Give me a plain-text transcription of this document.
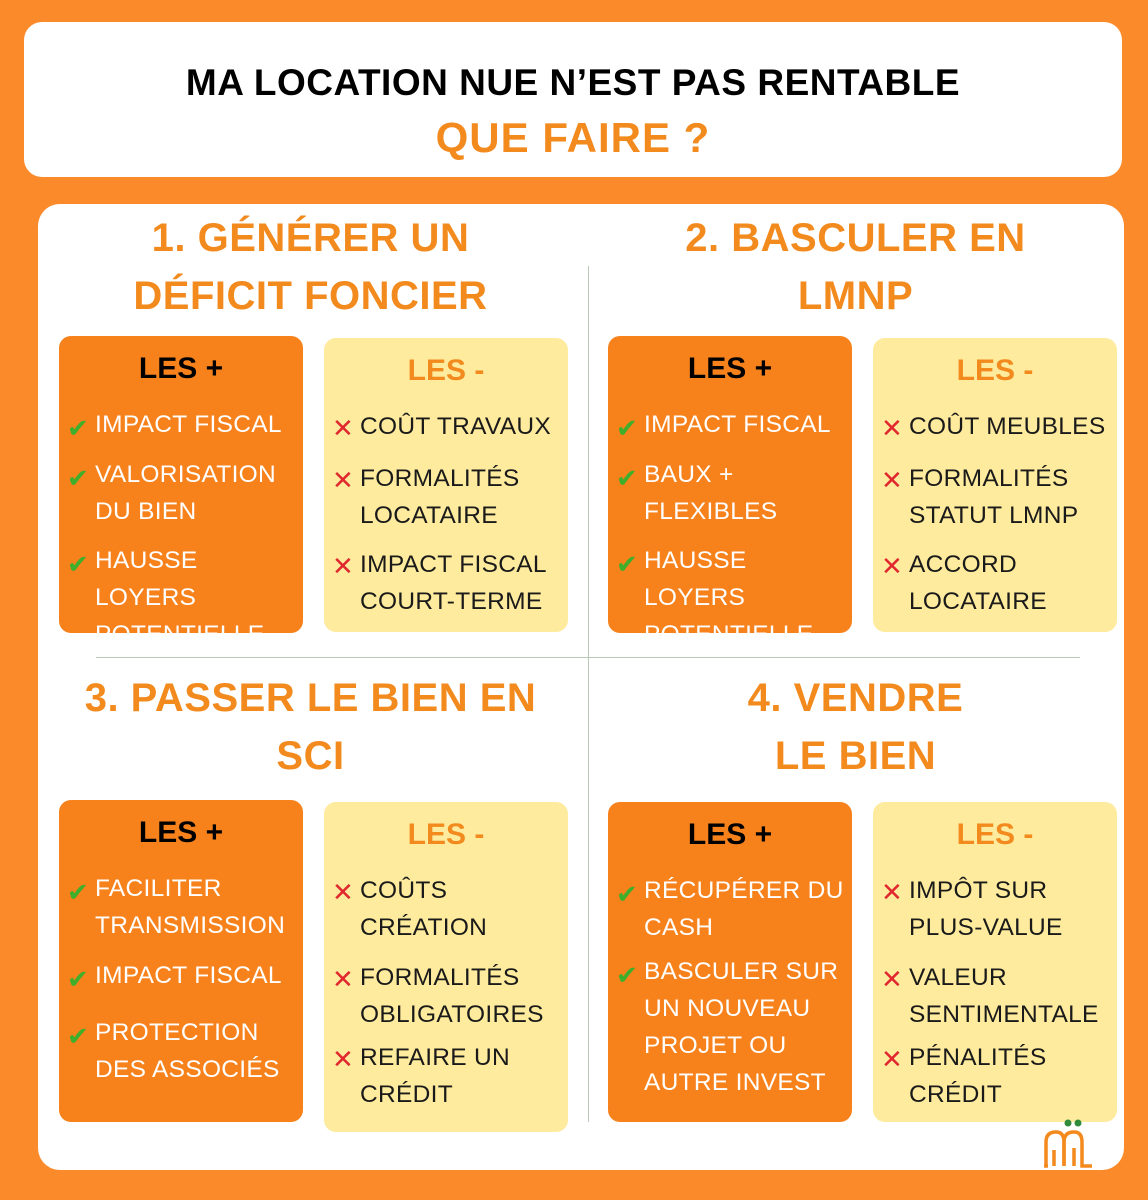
MA LOCATION NUE N’EST PAS RENTABLE
QUE FAIRE ?
1. GÉNÉRER UN
DÉFICIT FONCIER
LES +
✔ IMPACT FISCAL
✔ VALORISATION
DU BIEN
✔ HAUSSE LOYERS
POTENTIELLE
LES -
✕ COÛT TRAVAUX
✕ FORMALITÉS
LOCATAIRE
✕ IMPACT FISCAL
COURT-TERME
2. BASCULER EN
LMNP
LES +
✔ IMPACT FISCAL
✔ BAUX +
FLEXIBLES
✔ HAUSSE LOYERS
POTENTIELLE
LES -
✕ COÛT MEUBLES
✕ FORMALITÉS
STATUT LMNP
✕ ACCORD
LOCATAIRE
3. PASSER LE BIEN EN
SCI
LES +
✔ FACILITER
TRANSMISSION
✔ IMPACT FISCAL
✔ PROTECTION
DES ASSOCIÉS
LES -
✕ COÛTS
CRÉATION
✕ FORMALITÉS
OBLIGATOIRES
✕ REFAIRE UN
CRÉDIT
4. VENDRE
LE BIEN
LES +
✔ RÉCUPÉRER DU
CASH
✔ BASCULER SUR
UN NOUVEAU
PROJET OU
AUTRE INVEST
LES -
✕ IMPÔT SUR
PLUS-VALUE
✕ VALEUR
SENTIMENTALE
✕ PÉNALITÉS
CRÉDIT
